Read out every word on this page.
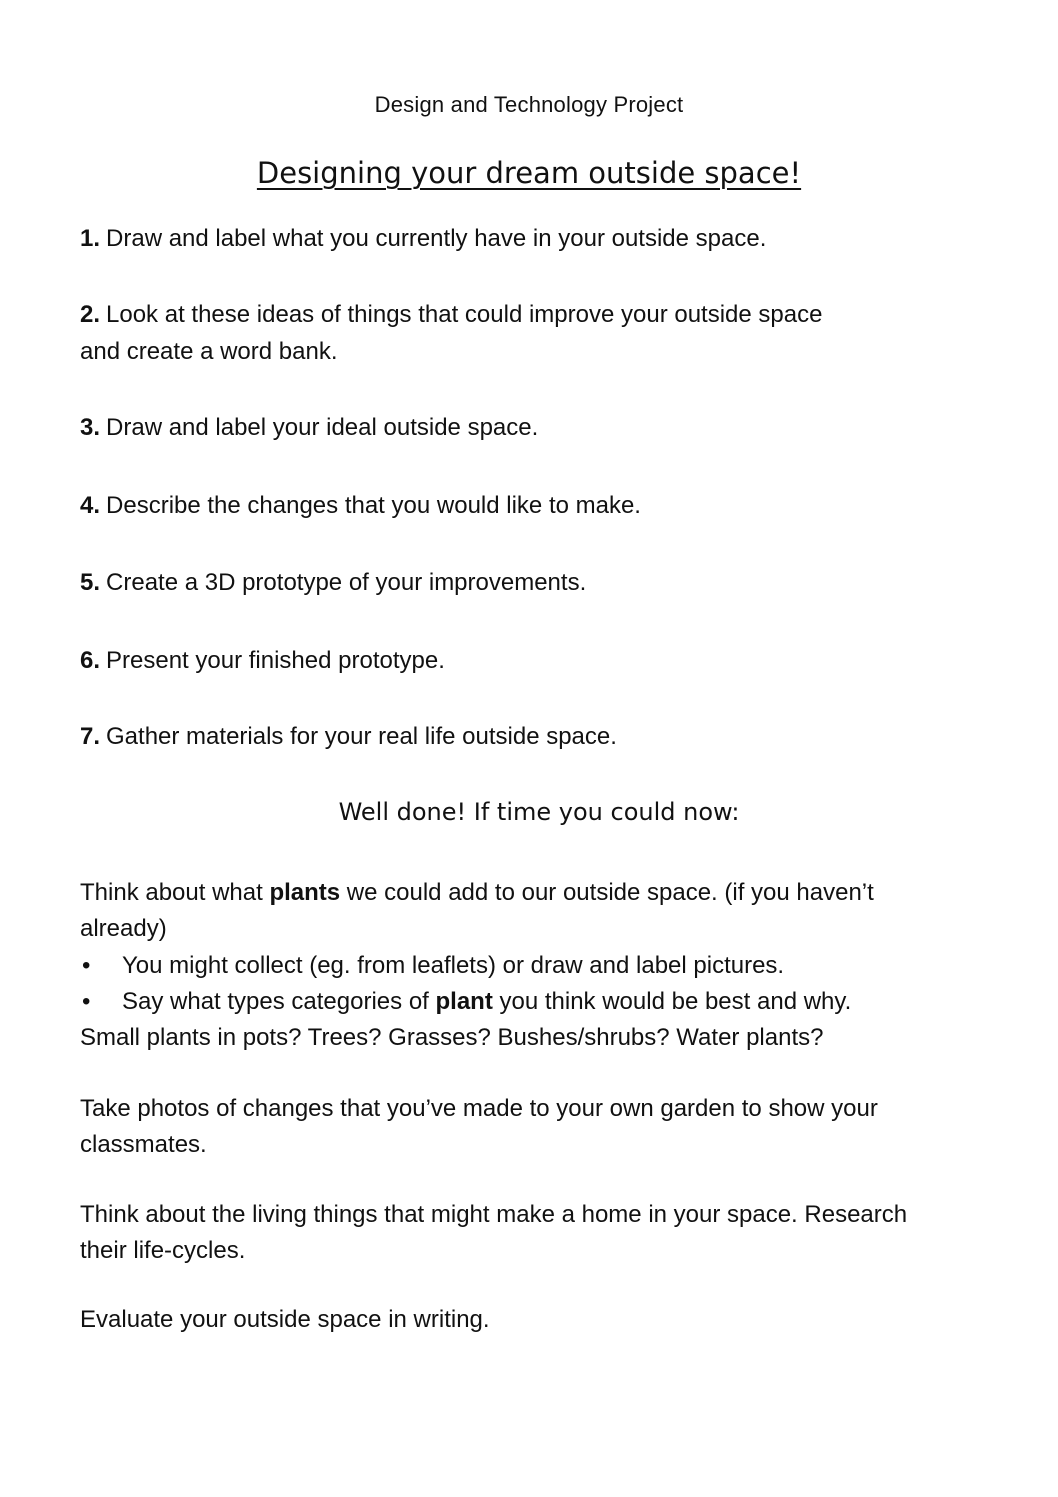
Design and Technology Project
Designing your dream outside space!
1. Draw and label what you currently have in your outside space.
2. Look at these ideas of things that could improve your outside space
and create a word bank.
3. Draw and label your ideal outside space.
4. Describe the changes that you would like to make.
5. Create a 3D prototype of your improvements.
6. Present your finished prototype.
7. Gather materials for your real life outside space.
Well done! If time you could now:
Think about what plants we could add to our outside space. (if you haven’t
already)
• You might collect (eg. from leaflets) or draw and label pictures.
• Say what types categories of plant you think would be best and why.
Small plants in pots? Trees? Grasses? Bushes/shrubs? Water plants?
Take photos of changes that you’ve made to your own garden to show your
classmates.
Think about the living things that might make a home in your space. Research
their life-cycles.
Evaluate your outside space in writing.
